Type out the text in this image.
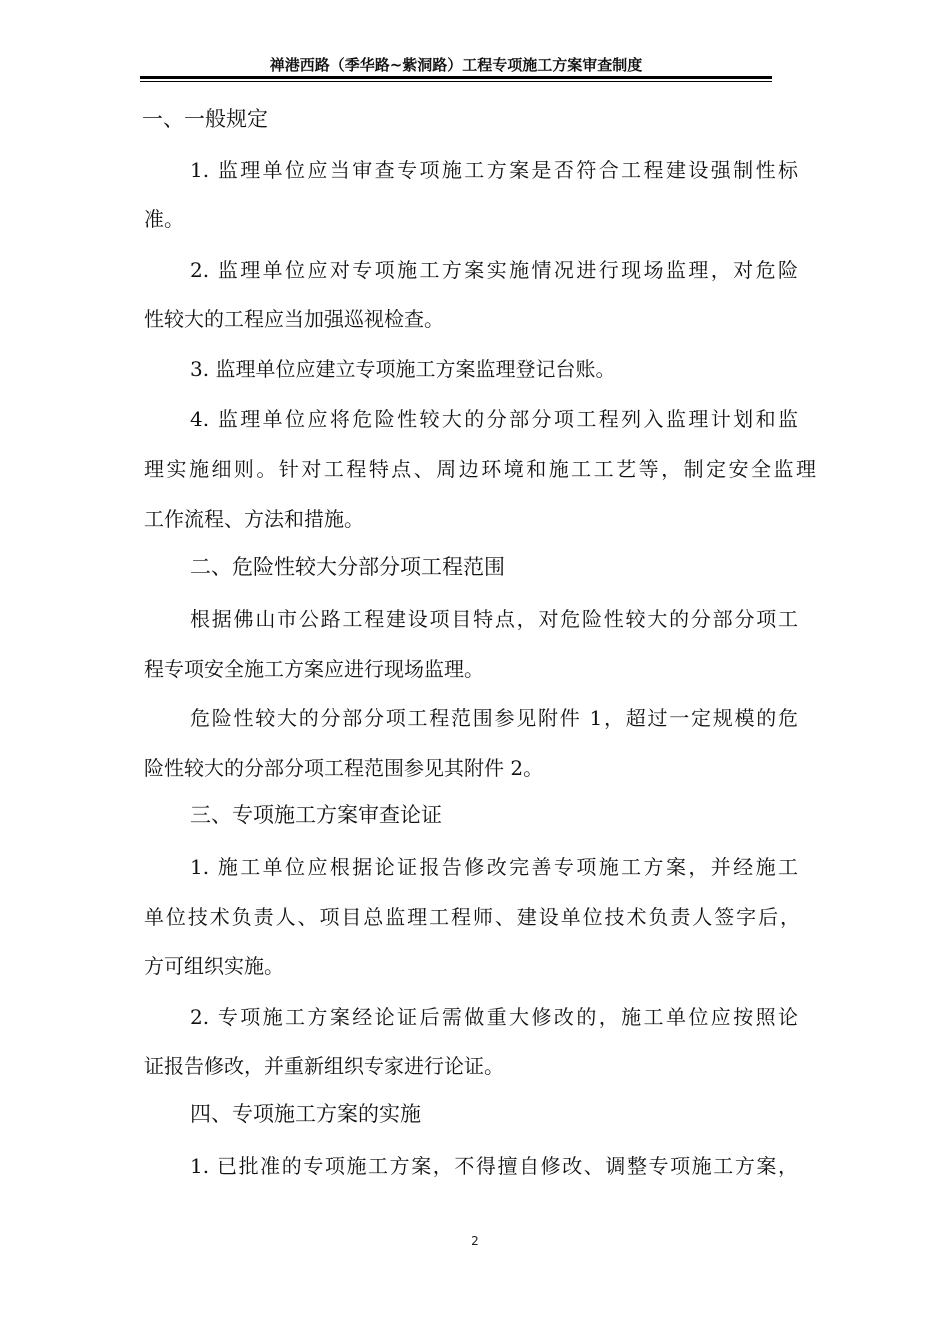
禅港西路（季华路~紫洞路）工程专项施工方案审查制度
一、一般规定
1. 监理单位应当审查专项施工方案是否符合工程建设强制性标
准。
2. 监理单位应对专项施工方案实施情况进行现场监理，对危险
性较大的工程应当加强巡视检查。
3. 监理单位应建立专项施工方案监理登记台账。
4. 监理单位应将危险性较大的分部分项工程列入监理计划和监
理实施细则。针对工程特点、周边环境和施工工艺等，制定安全监理
工作流程、方法和措施。
二、危险性较大分部分项工程范围
根据佛山市公路工程建设项目特点，对危险性较大的分部分项工
程专项安全施工方案应进行现场监理。
危险性较大的分部分项工程范围参见附件 1，超过一定规模的危
险性较大的分部分项工程范围参见其附件 2。
三、专项施工方案审查论证
1. 施工单位应根据论证报告修改完善专项施工方案，并经施工
单位技术负责人、项目总监理工程师、建设单位技术负责人签字后，
方可组织实施。
2. 专项施工方案经论证后需做重大修改的，施工单位应按照论
证报告修改，并重新组织专家进行论证。
四、专项施工方案的实施
1. 已批准的专项施工方案，不得擅自修改、调整专项施工方案，
2
